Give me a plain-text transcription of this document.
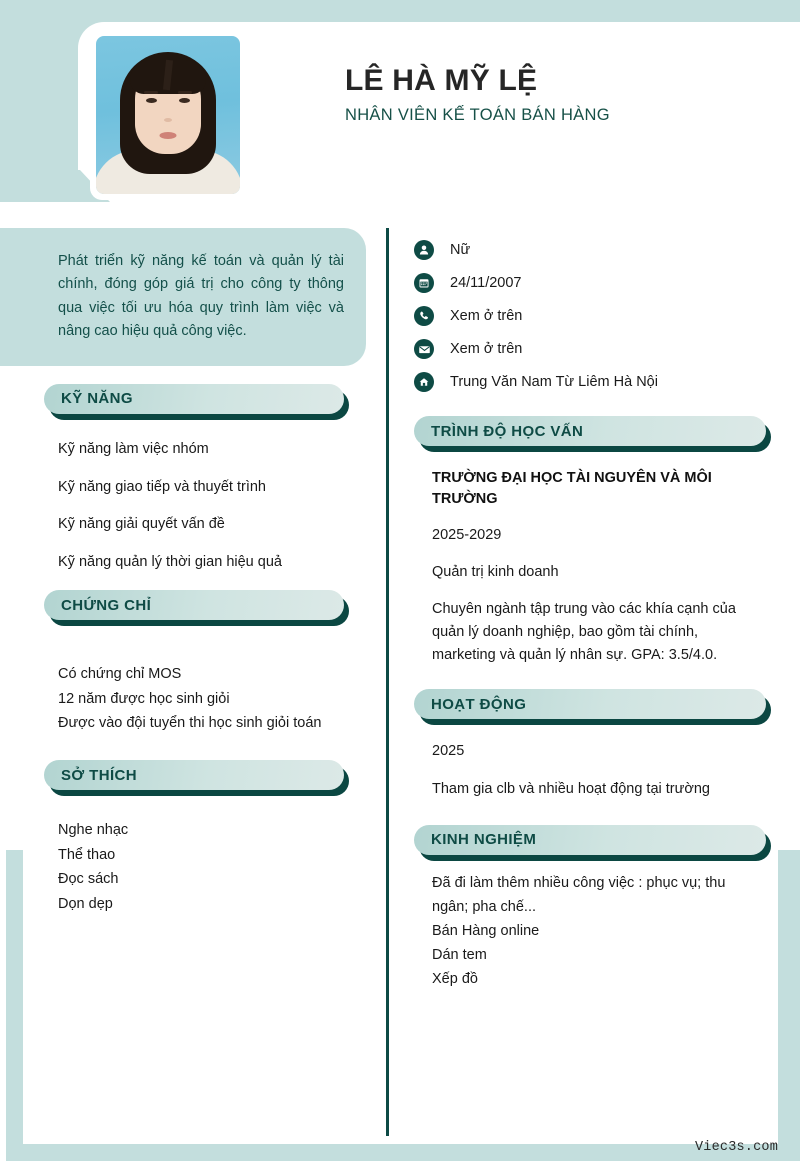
LÊ HÀ MỸ LỆ
NHÂN VIÊN KẾ TOÁN BÁN HÀNG
Phát triển kỹ năng kế toán và quản lý tài chính, đóng góp giá trị cho công ty thông qua việc tối ưu hóa quy trình làm việc và nâng cao hiệu quả công việc.
KỸ NĂNG
Kỹ năng làm việc nhóm
Kỹ năng giao tiếp và thuyết trình
Kỹ năng giải quyết vấn đề
Kỹ năng quản lý thời gian hiệu quả
CHỨNG CHỈ
Có chứng chỉ MOS
12 năm được học sinh giỏi
Được vào đội tuyển thi học sinh giỏi toán
SỞ THÍCH
Nghe nhạc
Thể thao
Đọc sách
Dọn dẹp
Nữ
24/11/2007
Xem ở trên
Xem ở trên
Trung Văn Nam Từ Liêm Hà Nội
TRÌNH ĐỘ HỌC VẤN
TRƯỜNG ĐẠI HỌC TÀI NGUYÊN VÀ MÔI TRƯỜNG
2025-2029
Quản trị kinh doanh
Chuyên ngành tập trung vào các khía cạnh của quản lý doanh nghiệp, bao gồm tài chính, marketing và quản lý nhân sự. GPA: 3.5/4.0.
HOẠT ĐỘNG
2025
Tham gia clb và nhiều hoạt động tại trường
KINH NGHIỆM
Đã đi làm thêm nhiều công việc : phục vụ; thu ngân; pha chế...
Bán Hàng online
Dán tem
Xếp đồ
Viec3s.com
